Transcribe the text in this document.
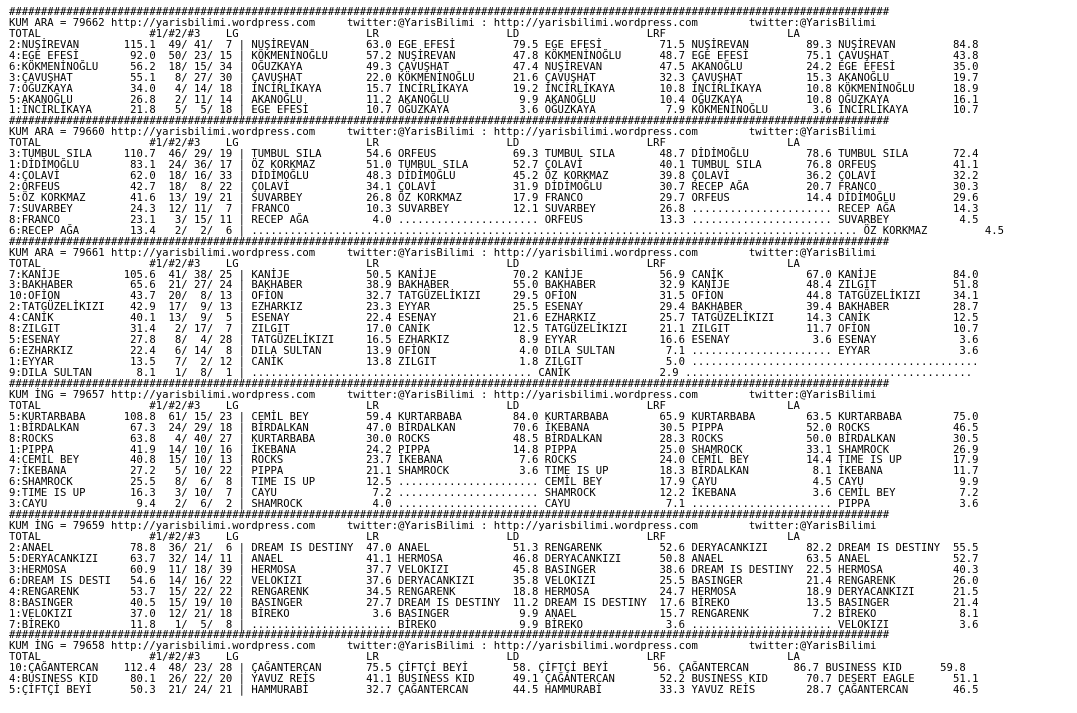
##########################################################################################################################################
KUM ARA = 79662 http://yarisbilimi.wordpress.com     twitter:@YarisBilimi : http://yarisbilimi.wordpress.com        twitter:@YarisBilimi
TOTAL                 #1/#2/#3    LG                    LR                    LD                    LRF                   LA
2:NUŞİREVAN       115.1  49/ 41/  7 | NUŞİREVAN         63.0 EGE EFESİ         79.5 EGE EFESİ         71.5 NUŞİREVAN         89.3 NUŞİREVAN         84.8
4:EGE EFESİ        92.0  50/ 23/ 15 | KÖKMENİNOĞLU      57.2 NUŞİREVAN         47.8 KÖKMENİNOĞLU      48.7 EGE EFESİ         75.1 ÇAVUŞHAT          43.8
6:KÖKMENİNOĞLU     56.2  18/ 15/ 34 | OĞUZKAYA          49.3 ÇAVUŞHAT          47.4 NUŞİREVAN         47.5 AKANOĞLU          24.2 EGE EFESİ         35.0
3:ÇAVUŞHAT         55.1   8/ 27/ 30 | ÇAVUŞHAT          22.0 KÖKMENİNOĞLU      21.6 ÇAVUŞHAT          32.3 ÇAVUŞHAT          15.3 AKANOĞLU          19.7
7:OĞUZKAYA         34.0   4/ 14/ 18 | İNCİRLİKAYA       15.7 İNCİRLİKAYA       19.2 İNCİRLİKAYA       10.8 İNCİRLİKAYA       10.8 KÖKMENİNOĞLU      18.9
5:AKANOĞLU         26.8   2/ 11/ 14 | AKANOĞLU          11.2 AKANOĞLU           9.9 AKANOĞLU          10.4 OĞUZKAYA          10.8 OĞUZKAYA          16.1
1:İNCİRLİKAYA      21.8   5/  5/ 18 | EGE EFESİ         10.7 OĞUZKAYA           3.6 OĞUZKAYA           7.9 KÖKMENİNOĞLU       3.6 İNCİRLİKAYA       10.7
##########################################################################################################################################
KUM ARA = 79660 http://yarisbilimi.wordpress.com     twitter:@YarisBilimi : http://yarisbilimi.wordpress.com        twitter:@YarisBilimi
TOTAL                 #1/#2/#3    LG                    LR                    LD                    LRF                   LA
3:TUMBUL SILA     110.7  46/ 29/ 19 | TUMBUL SILA       54.6 ORFEUS            69.3 TUMBUL SILA       48.7 DİDİMOĞLU         78.6 TUMBUL SILA       72.4
1:DİDİMOĞLU        83.1  24/ 36/ 17 | ÖZ KORKMAZ        51.0 TUMBUL SILA       52.7 ÇOLAVİ            40.1 TUMBUL SILA       76.8 ORFEUS            41.1
4:ÇOLAVİ           62.0  18/ 16/ 33 | DİDİMOĞLU         48.3 DİDİMOĞLU         45.2 ÖZ KORKMAZ        39.8 ÇOLAVİ            36.2 ÇOLAVİ            32.2
2:ORFEUS           42.7  18/  8/ 22 | ÇOLAVİ            34.1 ÇOLAVİ            31.9 DİDİMOĞLU         30.7 RECEP AĞA         20.7 FRANCO            30.3
5:ÖZ KORKMAZ       41.6  13/ 19/ 21 | SUVARBEY          26.8 ÖZ KORKMAZ        17.9 FRANCO            29.7 ORFEUS            14.4 DİDİMOĞLU         29.6
7:SUVARBEY         24.3  12/ 11/  7 | FRANCO            10.3 SUVARBEY          12.1 SUVARBEY          26.8 ...................... RECEP AĞA         14.3
8:FRANCO           23.1   3/ 15/ 11 | RECEP AĞA          4.0 ...................... ORFEUS            13.3 ...................... SUVARBEY           4.5
6:RECEP AĞA        13.4   2/  2/  6 | ............................................................................................... ÖZ KORKMAZ         4.5
##########################################################################################################################################
KUM ARA = 79661 http://yarisbilimi.wordpress.com     twitter:@YarisBilimi : http://yarisbilimi.wordpress.com        twitter:@YarisBilimi
TOTAL                 #1/#2/#3    LG                    LR                    LD                    LRF                   LA
7:KANİJE          105.6  41/ 38/ 25 | KANİJE            50.5 KANİJE            70.2 KANİJE            56.9 CANİK             67.0 KANİJE            84.0
3:BAKHABER         65.6  21/ 27/ 24 | BAKHABER          38.9 BAKHABER          55.0 BAKHABER          32.9 KANİJE            48.4 ZILGIT            51.8
10:OFİON           43.7  20/  8/ 13 | OFİON             32.7 TATGÜZELİKIZI     29.5 OFİON             31.5 OFİON             44.8 TATGÜZELİKIZI     34.1
2:TATGÜZELİKIZI    42.9  17/  9/ 13 | EZHARKIZ          23.3 EYYAR             25.5 ESENAY            29.4 BAKHABER          39.4 BAKHABER          28.7
4:CANİK            40.1  13/  9/  5 | ESENAY            22.4 ESENAY            21.6 EZHARKIZ          25.7 TATGÜZELİKIZI     14.3 CANİK             12.5
8:ZILGIT           31.4   2/ 17/  7 | ZILGIT            17.0 CANİK             12.5 TATGÜZELİKIZI     21.1 ZILGIT            11.7 OFİON             10.7
5:ESENAY           27.8   8/  4/ 28 | TATGÜZELİKIZI     16.5 EZHARKIZ           8.9 EYYAR             16.6 ESENAY             3.6 ESENAY             3.6
6:EZHARKIZ         22.4   6/ 14/  8 | DILA SULTAN       13.9 OFİON              4.0 DILA SULTAN        7.1 ...................... EYYAR              3.6
1:EYYAR            13.5   7/  2/ 12 | CANİK             13.8 ZILGIT             1.8 ZILGIT             5.0 .............................................
9:DILA SULTAN       8.1   1/  8/  1 | ............................................ CANİK              2.9 .............................................
##########################################################################################################################################
KUM İNG = 79657 http://yarisbilimi.wordpress.com     twitter:@YarisBilimi : http://yarisbilimi.wordpress.com        twitter:@YarisBilimi
TOTAL                 #1/#2/#3    LG                    LR                    LD                    LRF                   LA
5:KURTARBABA      108.8  61/ 15/ 23 | CEMİL BEY         59.4 KURTARBABA        84.0 KURTARBABA        65.9 KURTARBABA        63.5 KURTARBABA        75.0
1:BİRDALKAN        67.3  24/ 29/ 18 | BİRDALKAN         47.0 BİRDALKAN         70.6 İKEBANA           30.5 PIPPA             52.0 ROCKS             46.5
8:ROCKS            63.8   4/ 40/ 27 | KURTARBABA        30.0 ROCKS             48.5 BİRDALKAN         28.3 ROCKS             50.0 BİRDALKAN         30.5
1:PIPPA            41.9  14/ 10/ 16 | İKEBANA           24.2 PIPPA             14.8 PIPPA             25.0 SHAMROCK          33.1 SHAMROCK          26.9
4:CEMİL BEY        40.8  15/ 10/ 13 | ROCKS             23.7 İKEBANA            7.6 ROCKS             24.0 CEMİL BEY         14.4 TIME IS UP        17.9
7:İKEBANA          27.2   5/ 10/ 22 | PIPPA             21.1 SHAMROCK           3.6 TIME IS UP        18.3 BİRDALKAN          8.1 İKEBANA           11.7
6:SHAMROCK         25.5   8/  6/  8 | TIME IS UP        12.5 ...................... CEMİL BEY         17.9 CAYU               4.5 CAYU               9.9
9:TIME IS UP       16.3   3/ 10/  7 | CAYU               7.2 ...................... SHAMROCK          12.2 İKEBANA            3.6 CEMİL BEY          7.2
3:CAYU              9.4   2/  6/  2 | SHAMROCK           4.0 ...................... CAYU               7.1 ...................... PIPPA              3.6
##########################################################################################################################################
KUM İNG = 79659 http://yarisbilimi.wordpress.com     twitter:@YarisBilimi : http://yarisbilimi.wordpress.com        twitter:@YarisBilimi
TOTAL                 #1/#2/#3    LG                    LR                    LD                    LRF                   LA
2:ANAEL            78.8  36/ 21/  6 | DREAM IS DESTINY  47.0 ANAEL             51.3 RENGARENK         52.6 DERYACANKIZI      82.2 DREAM IS DESTINY  55.5
5:DERYACANKIZI     63.7  32/ 14/ 11 | ANAEL             41.1 HERMOSA           46.8 DERYACANKIZI      50.8 ANAEL             63.5 ANAEL             52.7
3:HERMOSA          60.9  11/ 18/ 39 | HERMOSA           37.7 VELOKIZI          45.8 BASINGER          38.6 DREAM IS DESTINY  22.5 HERMOSA           40.3
6:DREAM IS DESTI   54.6  14/ 16/ 22 | VELOKIZI          37.6 DERYACANKIZI      35.8 VELOKIZI          25.5 BASINGER          21.4 RENGARENK         26.0
4:RENGARENK        53.7  15/ 22/ 22 | RENGARENK         34.5 RENGARENK         18.8 HERMOSA           24.7 HERMOSA           18.9 DERYACANKIZI      21.5
8:BASINGER         40.5  15/ 19/ 10 | BASINGER          27.7 DREAM IS DESTINY  11.2 DREAM IS DESTINY  17.6 BİREKO            13.5 BASINGER          21.4
1:VELOKIZI         37.0  12/ 21/ 18 | BİREKO             3.6 BASINGER           9.9 ANAEL             15.7 RENGARENK          7.2 BİREKO             8.1
7:BİREKO           11.8   1/  5/  8 | ...................... BİREKO             9.9 BİREKO             3.6 ...................... VELOKIZI           3.6
##########################################################################################################################################
KUM İNG = 79658 http://yarisbilimi.wordpress.com     twitter:@YarisBilimi : http://yarisbilimi.wordpress.com        twitter:@YarisBilimi
TOTAL                 #1/#2/#3    LG                    LR                    LD                    LRF                   LA
10:ÇAĞANTERCAN    112.4  48/ 23/ 28 | ÇAĞANTERCAN       75.5 ÇİFTÇİ BEYİ       58. ÇİFTÇİ BEYİ       56. ÇAĞANTERCAN       86.7 BUSINESS KID      59.8
4:BUSINESS KID     80.1  26/ 22/ 20 | YAVUZ REİS        41.1 BUSINESS KID      49.1 ÇAĞANTERCAN       52.2 BUSINESS KID      70.7 DESERT EAGLE      51.1
5:ÇİFTÇİ BEYİ      50.3  21/ 24/ 21 | HAMMURABİ         32.7 ÇAĞANTERCAN       44.5 HAMMURABİ         33.3 YAVUZ REİS        28.7 ÇAĞANTERCAN       46.5
